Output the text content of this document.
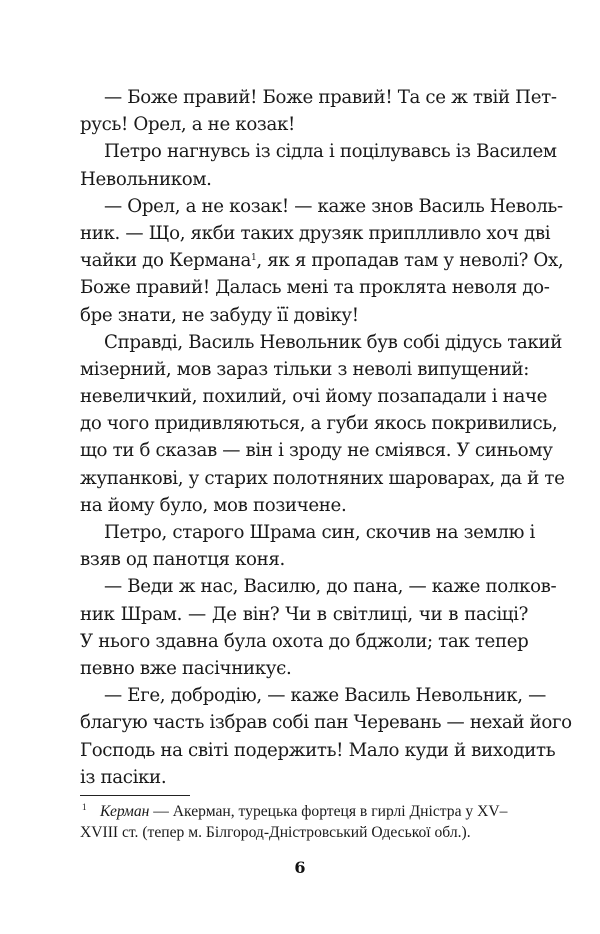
— Боже правий! Боже правий! Та се ж твій Пет-
русь! Орел, а не козак!
Петро нагнувсь із сідла і поцілувавсь із Василем
Невольником.
— Орел, а не козак! — каже знов Василь Неволь-
ник. — Що, якби таких друзяк приплливло хоч дві
чайки до Кермана$^1$, як я пропадав там у неволі? Ох,
Боже правий! Далась мені та проклята неволя до-
бре знати, не забуду її довіку!
Справді, Василь Невольник був собі дідусь такий
мізерний, мов зараз тільки з неволі випущений:
невеличкий, похилий, очі йому позападали і наче
до чого придивляються, а губи якось покривились,
що ти б сказав — він і зроду не сміявся. У синьому
жупанкові, у старих полотняних шароварах, да й те
на йому було, мов позичене.
Петро, старого Шрама син, скочив на землю і
взяв од панотця коня.
— Веди ж нас, Василю, до пана, — каже полков-
ник Шрам. — Де він? Чи в світлиці, чи в пасіці?
У нього здавна була охота до бджоли; так тепер
певно вже пасічникує.
— Еге, добродію, — каже Василь Невольник, —
благую часть ізбрав собі пан Черевань — нехай його
Господь на світі подержить! Мало куди й виходить
із пасіки.
1 Керман — Акерман, турецька фортеця в гирлі Дністра у XV–
XVIII ст. (тепер м. Білгород-Дністровський Одеської обл.).
6
